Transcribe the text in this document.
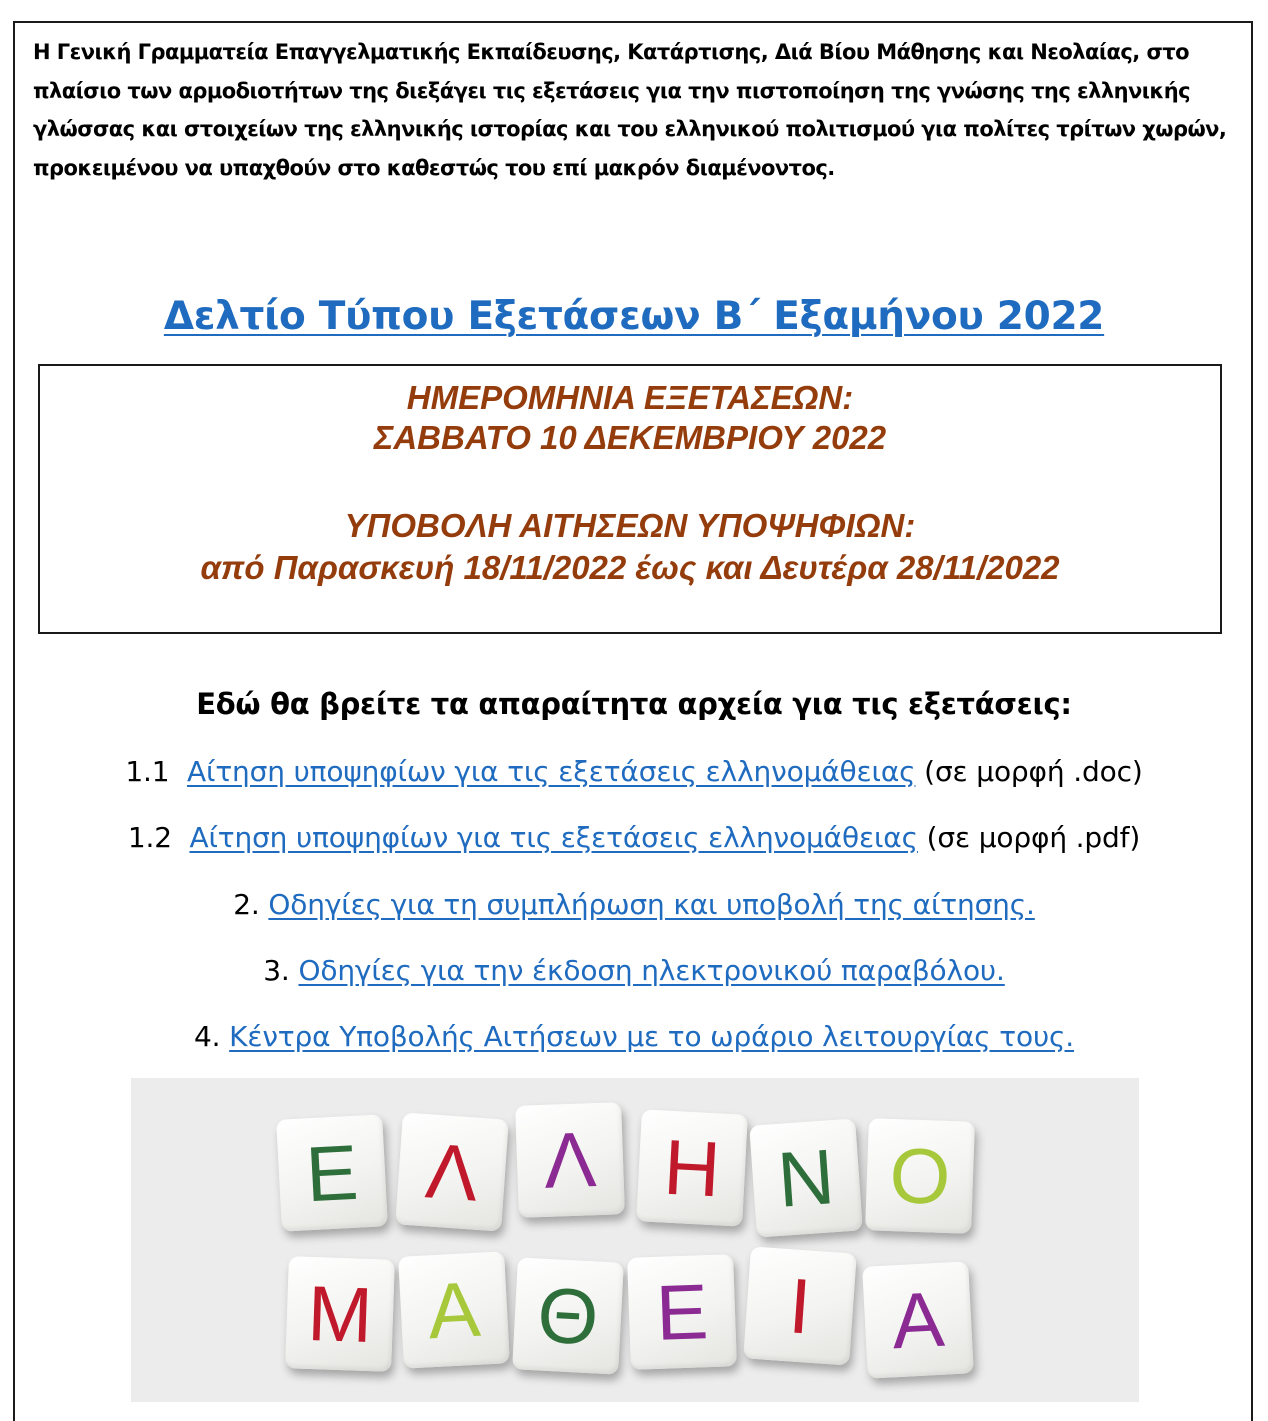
Η Γενική Γραμματεία Επαγγελματικής Εκπαίδευσης, Κατάρτισης, Διά Βίου Μάθησης και Νεολαίας, στο πλαίσιο των αρμοδιοτήτων της διεξάγει τις εξετάσεις για την πιστοποίηση της γνώσης της ελληνικής γλώσσας και στοιχείων της ελληνικής ιστορίας και του ελληνικού πολιτισμού για πολίτες τρίτων χωρών, προκειμένου να υπαχθούν στο καθεστώς του επί μακρόν διαμένοντος.

Δελτίο Τύπου Εξετάσεων Β΄ Εξαμήνου 2022
ΗΜΕΡΟΜΗΝΙΑ ΕΞΕΤΑΣΕΩΝ:
ΣΑΒΒΑΤΟ 10 ΔΕΚΕΜΒΡΙΟΥ 2022
ΥΠΟΒΟΛΗ ΑΙΤΗΣΕΩΝ ΥΠΟΨΗΦΙΩΝ:
από Παρασκευή 18/11/2022 έως και Δευτέρα 28/11/2022
Εδώ θα βρείτε τα απαραίτητα αρχεία για τις εξετάσεις:
1.1 Αίτηση υποψηφίων για τις εξετάσεις ελληνομάθειας (σε μορφή .doc)
1.2 Αίτηση υποψηφίων για τις εξετάσεις ελληνομάθειας (σε μορφή .pdf)
2. Οδηγίες για τη συμπλήρωση και υποβολή της αίτησης.
3. Οδηγίες για την έκδοση ηλεκτρονικού παραβόλου.
4. Κέντρα Υποβολής Αιτήσεων με το ωράριο λειτουργίας τους.
Ε Λ Λ Η Ν Ο
Μ Α Θ Ε Ι Α
